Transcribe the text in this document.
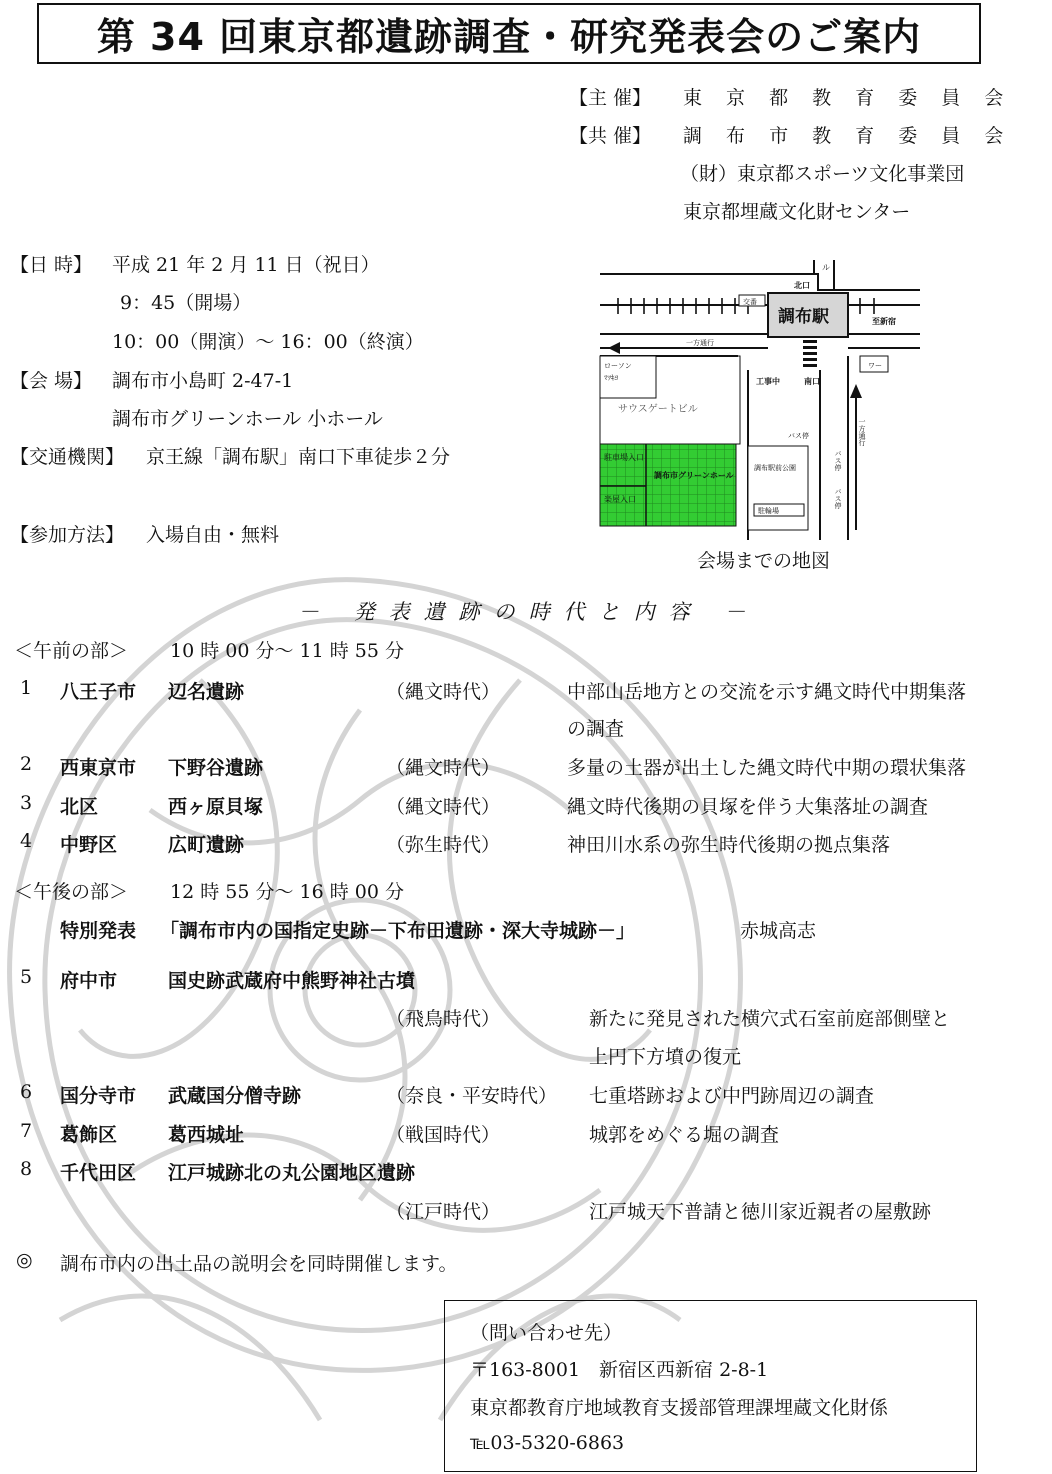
第 34 回東京都遺跡調査・研究発表会のご案内
【主 催】 東 京 都 教 育 委 員 会
【共 催】 調 布 市 教 育 委 員 会
（財）東京都スポーツ文化事業団
東京都埋蔵文化財センター
【日 時】 平成 21 年 2 月 11 日（祝日）
9：45（開場）
10：00（開演）～ 16：00（終演）
【会 場】 調布市小島町 2-47-1
調布市グリーンホール 小ホール
【交通機関】 京王線「調布駅」南口下車徒歩２分
【参加方法】 入場自由・無料
調布駅
北口
交番
至新宿
ル
一方通行
ローソン
ﾏﾂｷﾖ
サウスゲートビル
工事中	南口
ワー
一方通行
バス停
バス停
バス停
駐車場入口
楽屋入口
調布市グリーンホール
調布駅前公園
駐輪場
会場までの地図
－ 発表遺跡の時代と内容 －
＜午前の部＞ 10 時 00 分～ 11 時 55 分
1 八王子市 辺名遺跡	（縄文時代）	中部山岳地方との交流を示す縄文時代中期集落
の調査
2 西東京市 下野谷遺跡	（縄文時代）	多量の土器が出土した縄文時代中期の環状集落
3 北区	西ヶ原貝塚	（縄文時代）	縄文時代後期の貝塚を伴う大集落址の調査
4 中野区	広町遺跡	（弥生時代）	神田川水系の弥生時代後期の拠点集落
＜午後の部＞ 12 時 55 分～ 16 時 00 分
特別発表 「調布市内の国指定史跡－下布田遺跡・深大寺城跡－」	赤城高志
5 府中市	国史跡武蔵府中熊野神社古墳
（飛鳥時代）	新たに発見された横穴式石室前庭部側壁と
上円下方墳の復元
6 国分寺市 武蔵国分僧寺跡	（奈良・平安時代） 七重塔跡および中門跡周辺の調査
7 葛飾区	葛西城址	（戦国時代）	城郭をめぐる堀の調査
8 千代田区 江戸城跡北の丸公園地区遺跡
（江戸時代）	江戸城天下普請と徳川家近親者の屋敷跡
◎ 調布市内の出土品の説明会を同時開催します。
（問い合わせ先）
〒163-8001　新宿区西新宿 2-8-1
東京都教育庁地域教育支援部管理課埋蔵文化財係
℡03-5320-6863
